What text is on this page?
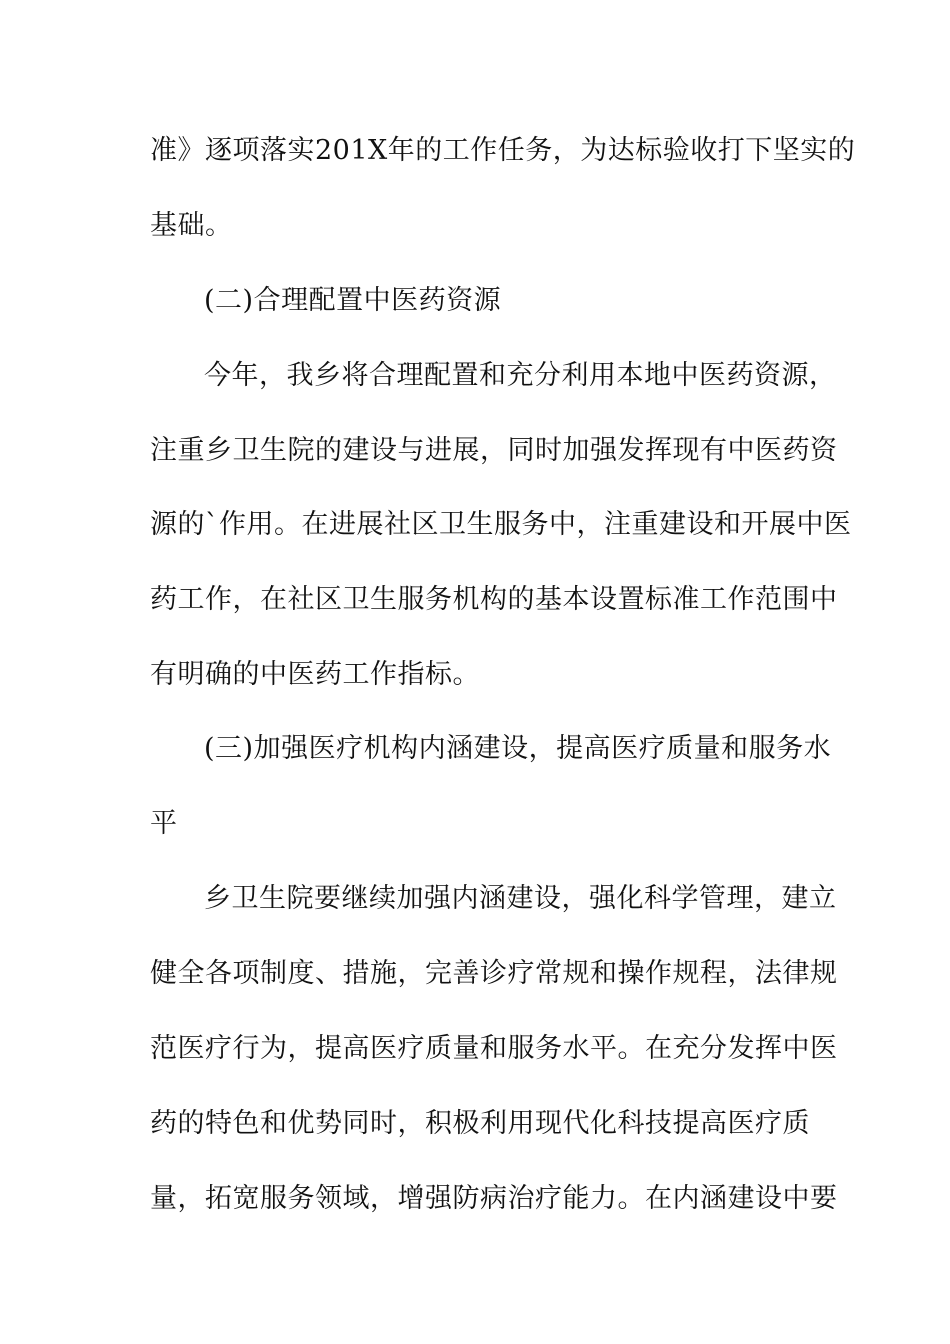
准》逐项落实201X年的工作任务，为达标验收打下坚实的
基础。
(二)合理配置中医药资源
今年，我乡将合理配置和充分利用本地中医药资源，
注重乡卫生院的建设与进展，同时加强发挥现有中医药资
源的`作用。在进展社区卫生服务中，注重建设和开展中医
药工作，在社区卫生服务机构的基本设置标准工作范围中
有明确的中医药工作指标。
(三)加强医疗机构内涵建设，提高医疗质量和服务水
平
乡卫生院要继续加强内涵建设，强化科学管理，建立
健全各项制度、措施，完善诊疗常规和操作规程，法律规
范医疗行为，提高医疗质量和服务水平。在充分发挥中医
药的特色和优势同时，积极利用现代化科技提高医疗质
量，拓宽服务领域，增强防病治疗能力。在内涵建设中要
